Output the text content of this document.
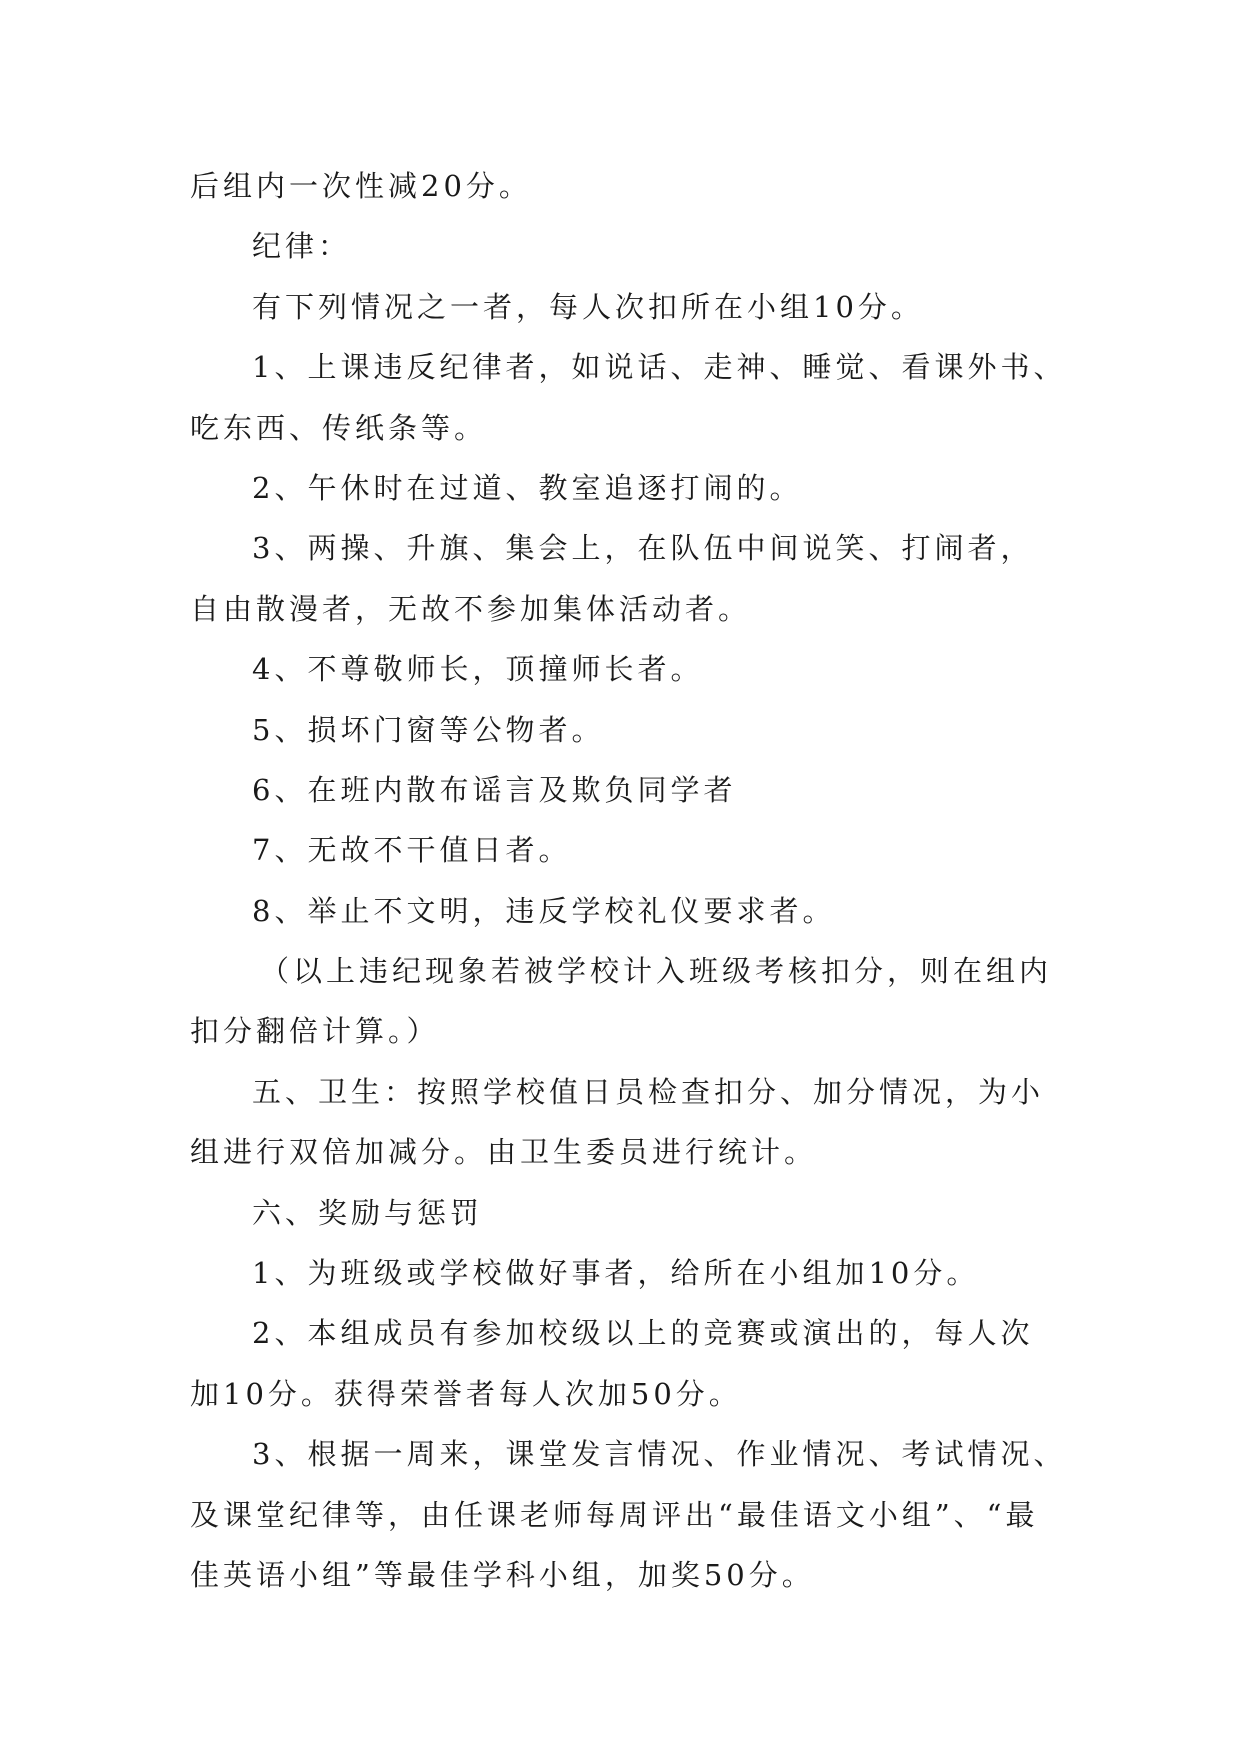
后组内一次性减20分。

纪律：

有下列情况之一者，每人次扣所在小组10分。

1、上课违反纪律者，如说话、走神、睡觉、看课外书、

吃东西、传纸条等。

2、午休时在过道、教室追逐打闹的。

3、两操、升旗、集会上，在队伍中间说笑、打闹者，

自由散漫者，无故不参加集体活动者。

4、不尊敬师长，顶撞师长者。

5、损坏门窗等公物者。

6、在班内散布谣言及欺负同学者

7、无故不干值日者。

8、举止不文明，违反学校礼仪要求者。

（以上违纪现象若被学校计入班级考核扣分，则在组内

扣分翻倍计算。）

五、卫生：按照学校值日员检查扣分、加分情况，为小

组进行双倍加减分。由卫生委员进行统计。

六、奖励与惩罚

1、为班级或学校做好事者，给所在小组加10分。

2、本组成员有参加校级以上的竞赛或演出的，每人次

加10分。获得荣誉者每人次加50分。

3、根据一周来，课堂发言情况、作业情况、考试情况、

及课堂纪律等，由任课老师每周评出“最佳语文小组”、“最

佳英语小组”等最佳学科小组，加奖50分。
